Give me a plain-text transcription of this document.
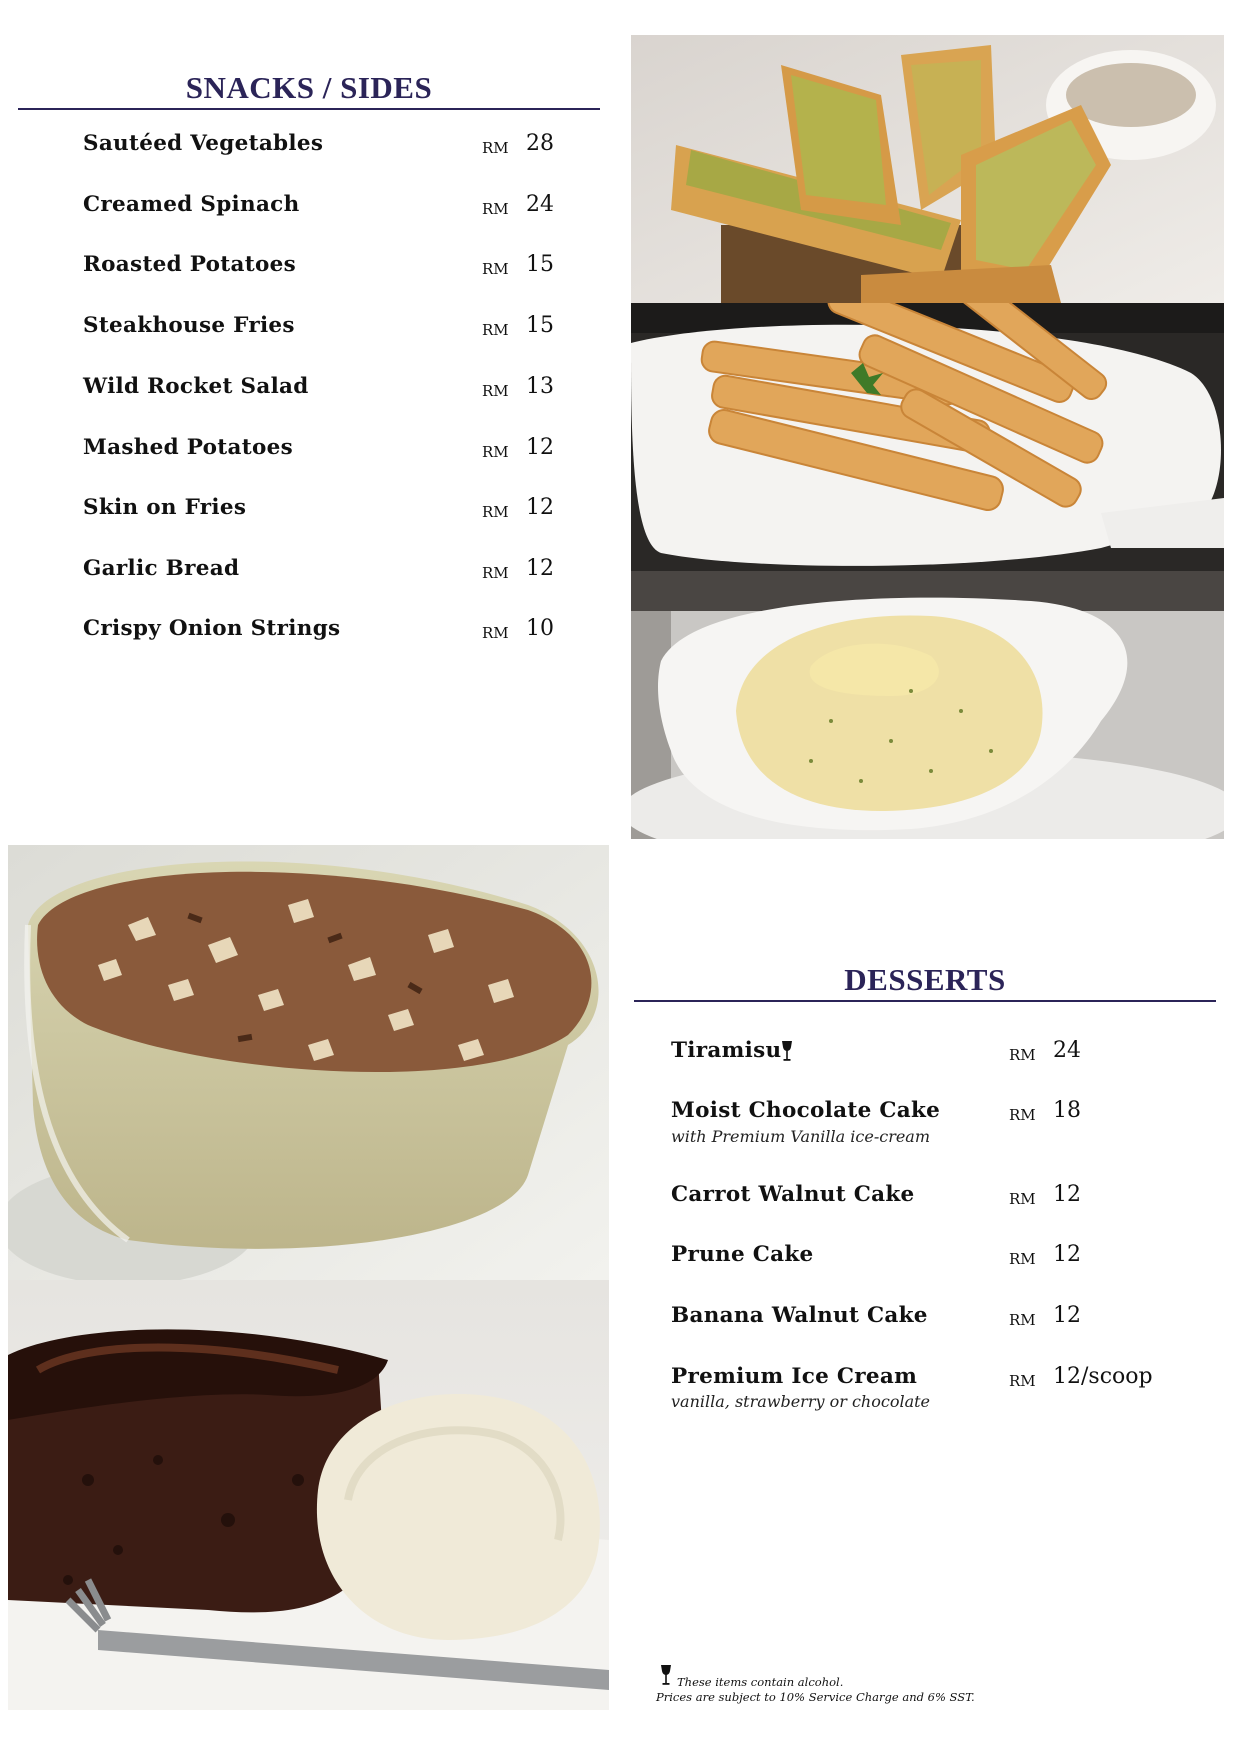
SNACKS / SIDES
Sautéed Vegetables	RM 28
Creamed Spinach	RM 24
Roasted Potatoes	RM 15
Steakhouse Fries	RM 15
Wild Rocket Salad	RM 13
Mashed Potatoes	RM 12
Skin on Fries	RM 12
Garlic Bread	RM 12
Crispy Onion Strings	RM 10
DESSERTS
Tiramisu	RM 24
Moist Chocolate Cake
with Premium Vanilla ice-cream
RM 18
Carrot Walnut Cake	RM 12
Prune Cake	RM 12
Banana Walnut Cake	RM 12
Premium Ice Cream
vanilla, strawberry or chocolate
RM 12/scoop
These items contain alcohol.
Prices are subject to 10% Service Charge and 6% SST.
